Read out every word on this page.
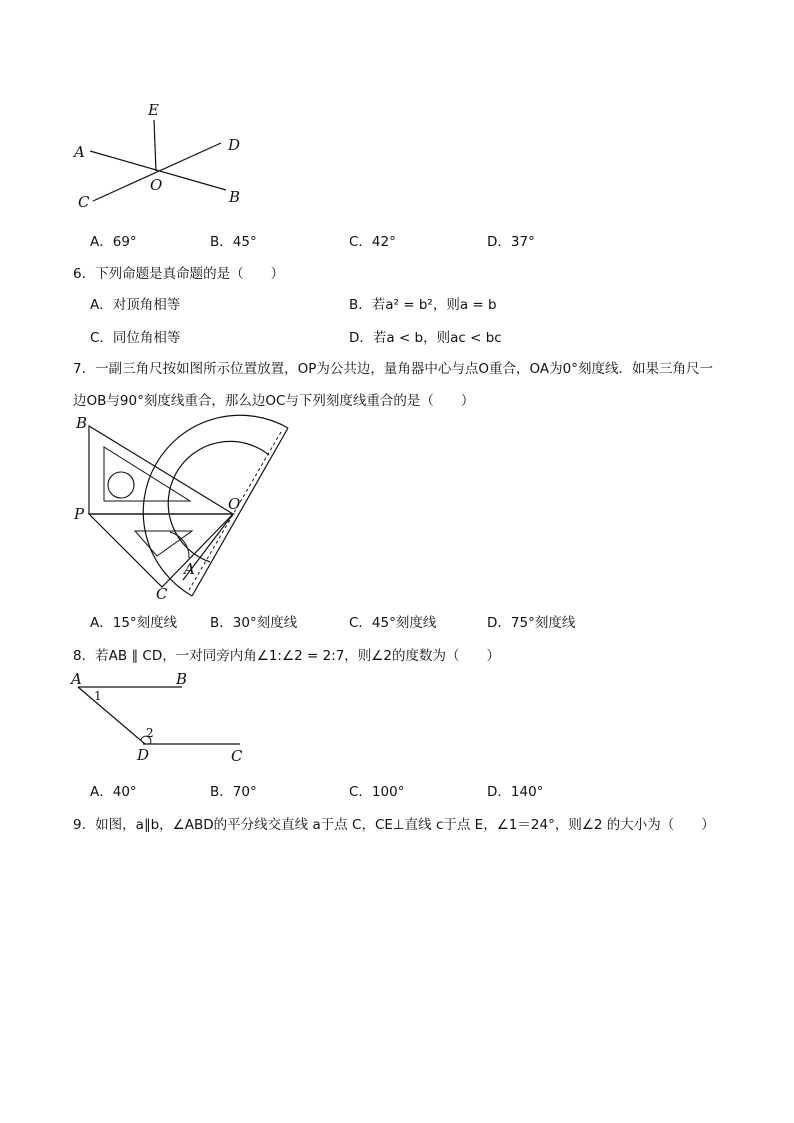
E
A	D
O
C	B
A．69°	B．45°	C．42°	D．37°
6．下列命题是真命题的是（　　）
A．对顶角相等	B．若a² = b²，则a = b
C．同位角相等	D．若a < b，则ac < bc
7．一副三角尺按如图所示位置放置，OP为公共边，量角器中心与点O重合，OA为0°刻度线．如果三角尺一
边OB与90°刻度线重合，那么边OC与下列刻度线重合的是（　　）
B
P
O
A
C
A．15°刻度线 B．30°刻度线	C．45°刻度线	D．75°刻度线
8．若AB ∥ CD，一对同旁内角∠1:∠2 = 2:7，则∠2的度数为（　　）
A	B
1
2
D	C
A．40°	B．70°	C．100°	D．140°
9．如图，a∥b，∠ABD的平分线交直线 a于点 C，CE⊥直线 c于点 E，∠1＝24°，则∠2 的大小为（　　）
